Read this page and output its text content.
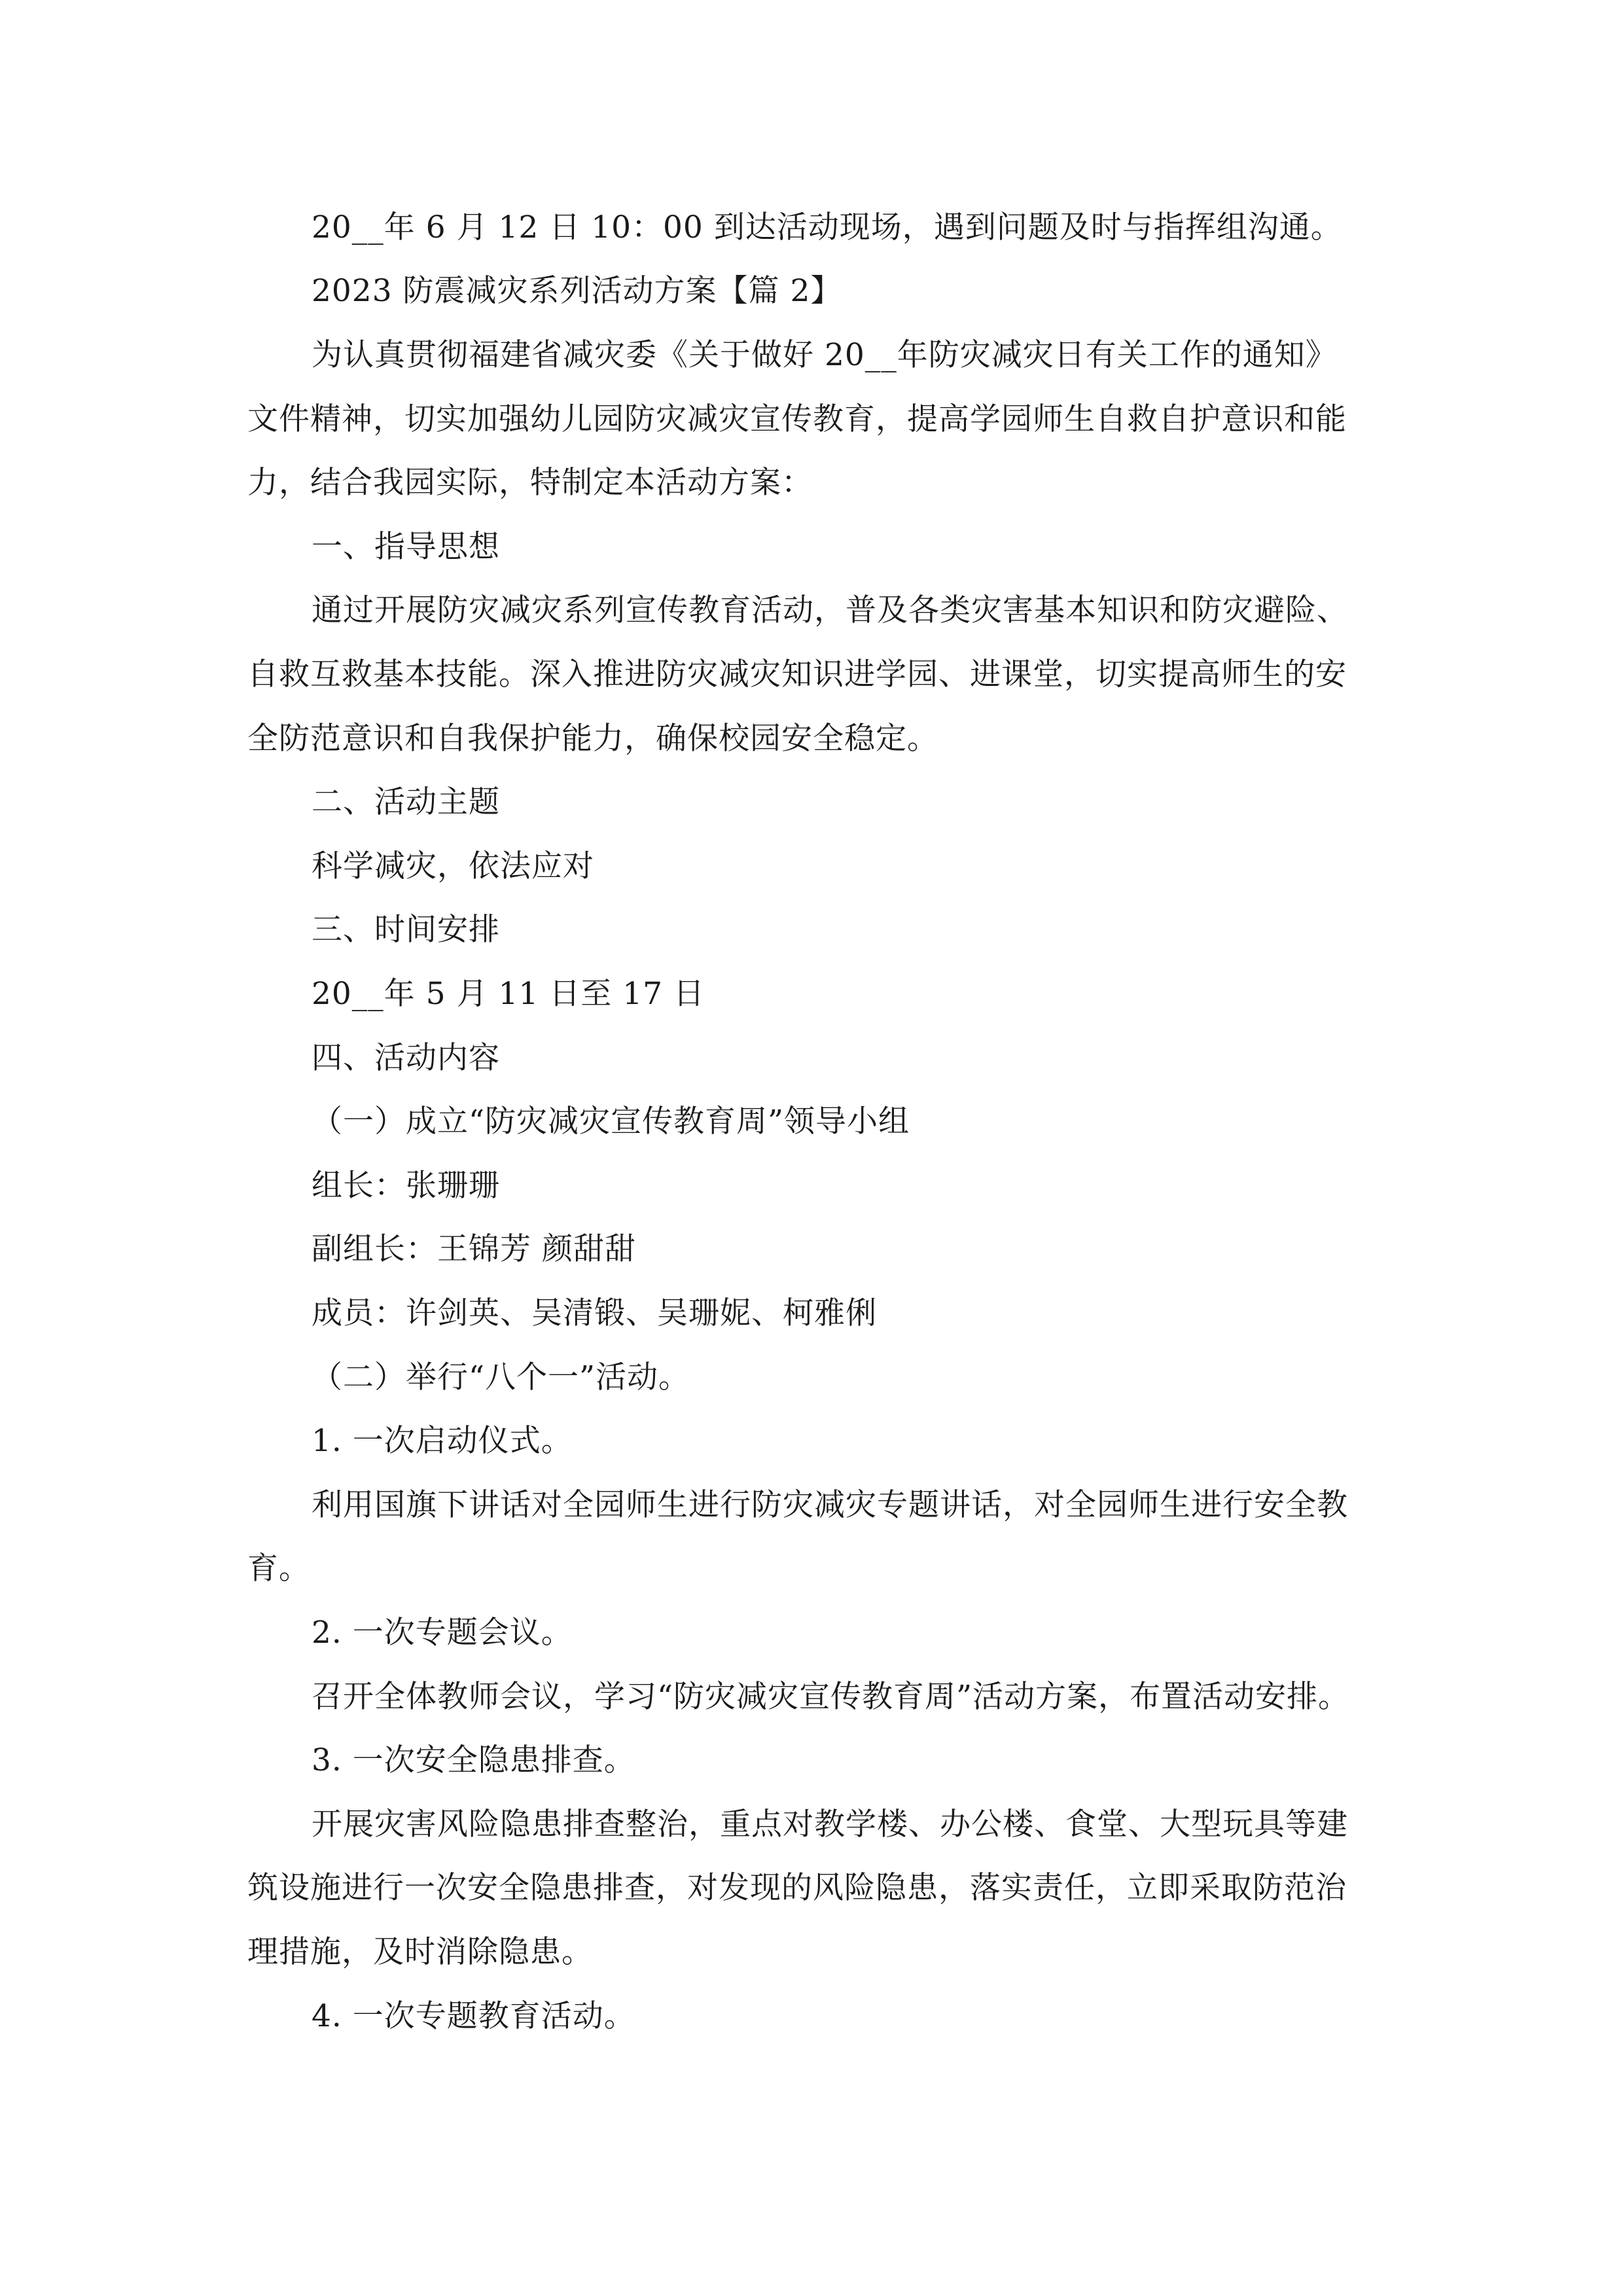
20__年 6 月 12 日 10：00 到达活动现场，遇到问题及时与指挥组沟通。
2023 防震减灾系列活动方案【篇 2】
为认真贯彻福建省减灾委《关于做好 20__年防灾减灾日有关工作的通知》
文件精神，切实加强幼儿园防灾减灾宣传教育，提高学园师生自救自护意识和能
力，结合我园实际，特制定本活动方案：
一、指导思想
通过开展防灾减灾系列宣传教育活动，普及各类灾害基本知识和防灾避险、
自救互救基本技能。深入推进防灾减灾知识进学园、进课堂，切实提高师生的安
全防范意识和自我保护能力，确保校园安全稳定。
二、活动主题
科学减灾，依法应对
三、时间安排
20__年 5 月 11 日至 17 日
四、活动内容
（一）成立“防灾减灾宣传教育周”领导小组
组长：张珊珊
副组长：王锦芳 颜甜甜
成员：许剑英、吴清锻、吴珊妮、柯雅俐
（二）举行“八个一”活动。
1. 一次启动仪式。
利用国旗下讲话对全园师生进行防灾减灾专题讲话，对全园师生进行安全教
育。
2. 一次专题会议。
召开全体教师会议，学习“防灾减灾宣传教育周”活动方案，布置活动安排。
3. 一次安全隐患排查。
开展灾害风险隐患排查整治，重点对教学楼、办公楼、食堂、大型玩具等建
筑设施进行一次安全隐患排查，对发现的风险隐患，落实责任，立即采取防范治
理措施，及时消除隐患。
4. 一次专题教育活动。
